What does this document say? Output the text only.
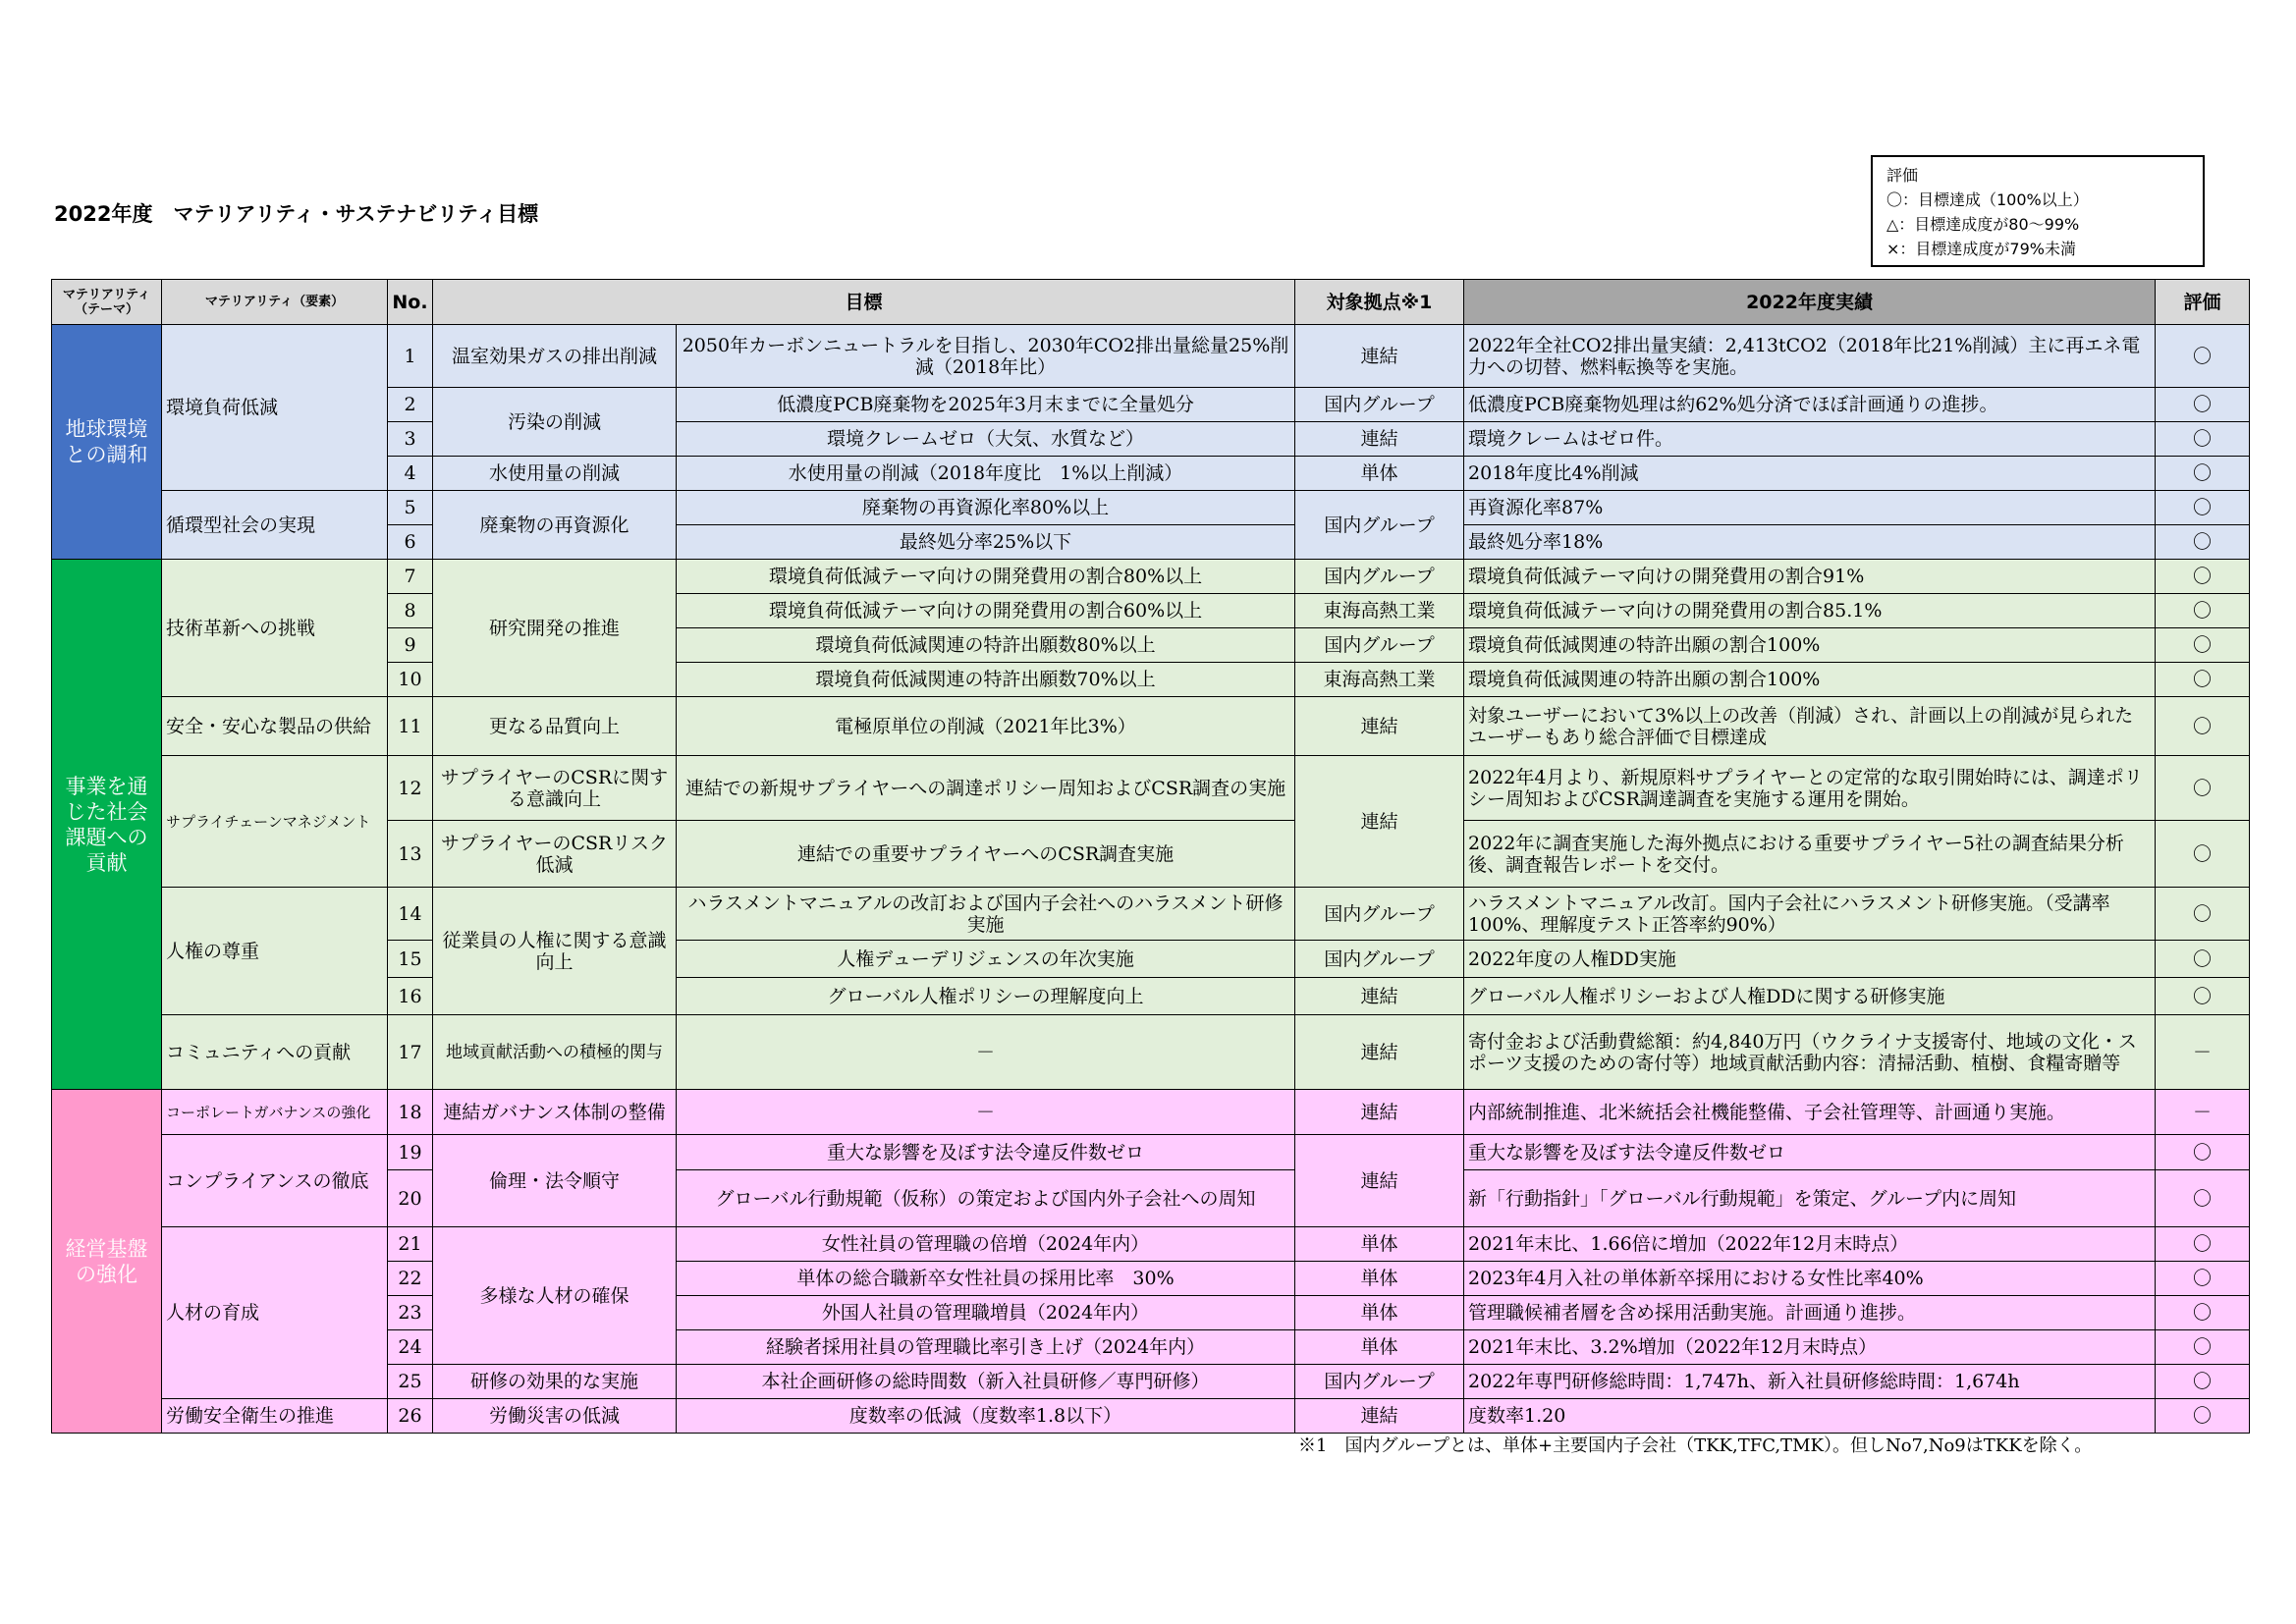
2022年度　マテリアリティ・サステナビリティ目標
評価
〇：目標達成（100%以上）
△：目標達成度が80～99%
×：目標達成度が79%未満
マテリアリティ（テーマ）	マテリアリティ（要素）	No.	目標		対象拠点※1	2022年度実績	評価
地球環境との調和	環境負荷低減	1	温室効果ガスの排出削減	2050年カーボンニュートラルを目指し、2030年CO2排出量総量25%削減（2018年比）	連結	2022年全社CO2排出量実績：2,413tCO2（2018年比21%削減）主に再エネ電力への切替、燃料転換等を実施。	〇
		2	汚染の削減	低濃度PCB廃棄物を2025年3月末までに全量処分	国内グループ	低濃度PCB廃棄物処理は約62%処分済でほぼ計画通りの進捗。	〇
		3		環境クレームゼロ（大気、水質など）	連結	環境クレームはゼロ件。	〇
		4	水使用量の削減	水使用量の削減（2018年度比　1%以上削減）	単体	2018年度比4%削減	〇
	循環型社会の実現	5	廃棄物の再資源化	廃棄物の再資源化率80%以上	国内グループ	再資源化率87%	〇
		6		最終処分率25%以下		最終処分率18%	〇
事業を通じた社会課題への貢献	技術革新への挑戦	7	研究開発の推進	環境負荷低減テーマ向けの開発費用の割合80%以上	国内グループ	環境負荷低減テーマ向けの開発費用の割合91%	〇
		8		環境負荷低減テーマ向けの開発費用の割合60%以上	東海高熱工業	環境負荷低減テーマ向けの開発費用の割合85.1%	〇
		9		環境負荷低減関連の特許出願数80%以上	国内グループ	環境負荷低減関連の特許出願の割合100%	〇
		10		環境負荷低減関連の特許出願数70%以上	東海高熱工業	環境負荷低減関連の特許出願の割合100%	〇
	安全・安心な製品の供給	11	更なる品質向上	電極原単位の削減（2021年比3%）	連結	対象ユーザーにおいて3%以上の改善（削減）され、計画以上の削減が見られたユーザーもあり総合評価で目標達成	〇
	サプライチェーンマネジメント	12	サプライヤーのCSRに関する意識向上	連結での新規サプライヤーへの調達ポリシー周知およびCSR調査の実施	連結	2022年4月より、新規原料サプライヤーとの定常的な取引開始時には、調達ポリシー周知およびCSR調達調査を実施する運用を開始。	〇
		13	サプライヤーのCSRリスク低減	連結での重要サプライヤーへのCSR調査実施		2022年に調査実施した海外拠点における重要サプライヤー5社の調査結果分析後、調査報告レポートを交付。	〇
	人権の尊重	14	従業員の人権に関する意識向上	ハラスメントマニュアルの改訂および国内子会社へのハラスメント研修実施	国内グループ	ハラスメントマニュアル改訂。国内子会社にハラスメント研修実施。（受講率100%、理解度テスト正答率約90%）	〇
		15		人権デューデリジェンスの年次実施	国内グループ	2022年度の人権DD実施	〇
		16		グローバル人権ポリシーの理解度向上	連結	グローバル人権ポリシーおよび人権DDに関する研修実施	〇
	コミュニティへの貢献	17	地域貢献活動への積極的関与	－	連結	寄付金および活動費総額：約4,840万円（ウクライナ支援寄付、地域の文化・スポーツ支援のための寄付等）地域貢献活動内容：清掃活動、植樹、食糧寄贈等	－
経営基盤の強化	コーポレートガバナンスの強化	18	連結ガバナンス体制の整備	－	連結	内部統制推進、北米統括会社機能整備、子会社管理等、計画通り実施。	－
	コンプライアンスの徹底	19	倫理・法令順守	重大な影響を及ぼす法令違反件数ゼロ	連結	重大な影響を及ぼす法令違反件数ゼロ	〇
		20		グローバル行動規範（仮称）の策定および国内外子会社への周知		新「行動指針」「グローバル行動規範」を策定、グループ内に周知	〇
	人材の育成	21	多様な人材の確保	女性社員の管理職の倍増（2024年内）	単体	2021年末比、1.66倍に増加（2022年12月末時点）	〇
		22		単体の総合職新卒女性社員の採用比率　30%	単体	2023年4月入社の単体新卒採用における女性比率40%	〇
		23		外国人社員の管理職増員（2024年内）	単体	管理職候補者層を含め採用活動実施。計画通り進捗。	〇
		24		経験者採用社員の管理職比率引き上げ（2024年内）	単体	2021年末比、3.2%増加（2022年12月末時点）	〇
		25	研修の効果的な実施	本社企画研修の総時間数（新入社員研修／専門研修）	国内グループ	2022年専門研修総時間：1,747h、新入社員研修総時間：1,674h	〇
	労働安全衛生の推進	26	労働災害の低減	度数率の低減（度数率1.8以下）	連結	度数率1.20	〇
※1　国内グループとは、単体+主要国内子会社（TKK,TFC,TMK）。但しNo7,No9はTKKを除く。
